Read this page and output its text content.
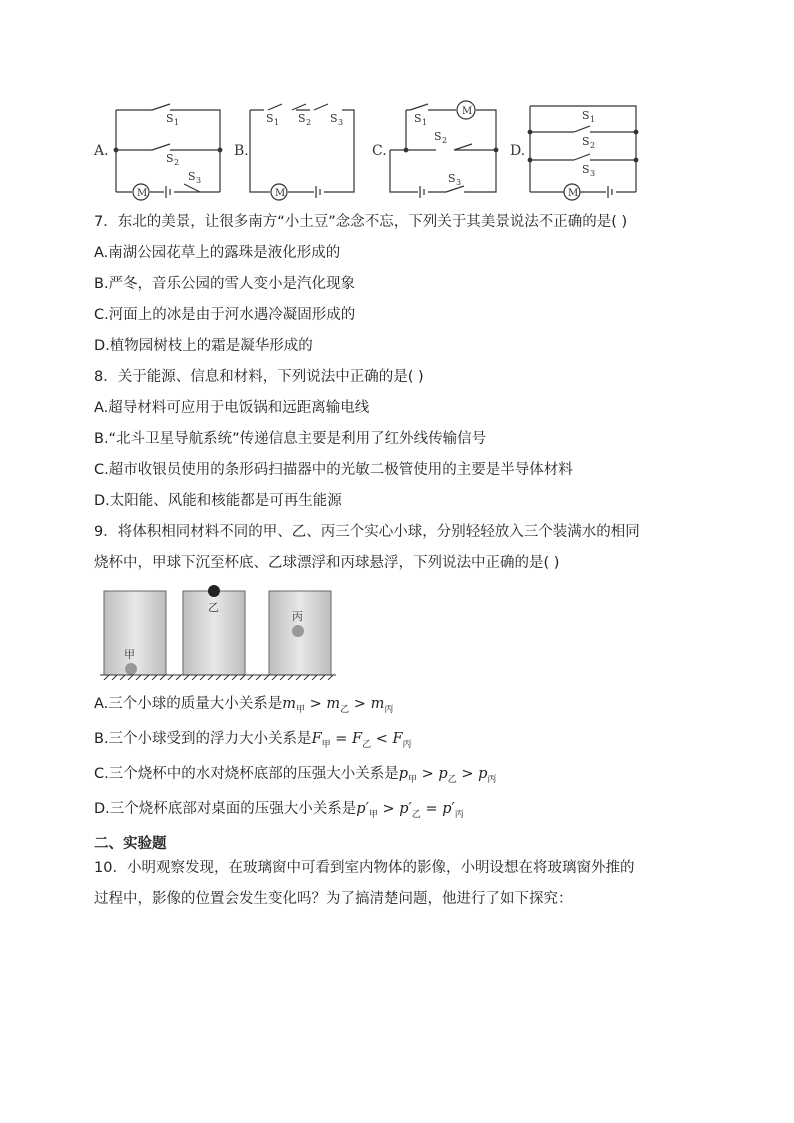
A.
M
S 1
S 2
S 3
B.
M
S 1 S 2 S 3
C.
M
S 1
S 2
S 3
D.
M
S 1
S 2
S 3
7．东北的美景，让很多南方“小土豆”念念不忘，下列关于其美景说法不正确的是( )
A.南湖公园花草上的露珠是液化形成的
B.严冬，音乐公园的雪人变小是汽化现象
C.河面上的冰是由于河水遇冷凝固形成的
D.植物园树枝上的霜是凝华形成的
8．关于能源、信息和材料，下列说法中正确的是( )
A.超导材料可应用于电饭锅和远距离输电线
B.“北斗卫星导航系统”传递信息主要是利用了红外线传输信号
C.超市收银员使用的条形码扫描器中的光敏二极管使用的主要是半导体材料
D.太阳能、风能和核能都是可再生能源
9．将体积相同材料不同的甲、乙、丙三个实心小球，分别轻轻放入三个装满水的相同
烧杯中，甲球下沉至杯底、乙球漂浮和丙球悬浮，下列说法中正确的是( )
甲
乙
丙
A.三个小球的质量大小关系是$m_甲 > m_乙 > m_丙$
B.三个小球受到的浮力大小关系是$F_甲 = F_乙 < F_丙$
C.三个烧杯中的水对烧杯底部的压强大小关系是$p_甲 > p_乙 > p_丙$
D.三个烧杯底部对桌面的压强大小关系是$p'_甲 > p'_乙 = p'_丙$
二、实验题
10．小明观察发现，在玻璃窗中可看到室内物体的影像，小明设想在将玻璃窗外推的
过程中，影像的位置会发生变化吗？为了搞清楚问题，他进行了如下探究：
